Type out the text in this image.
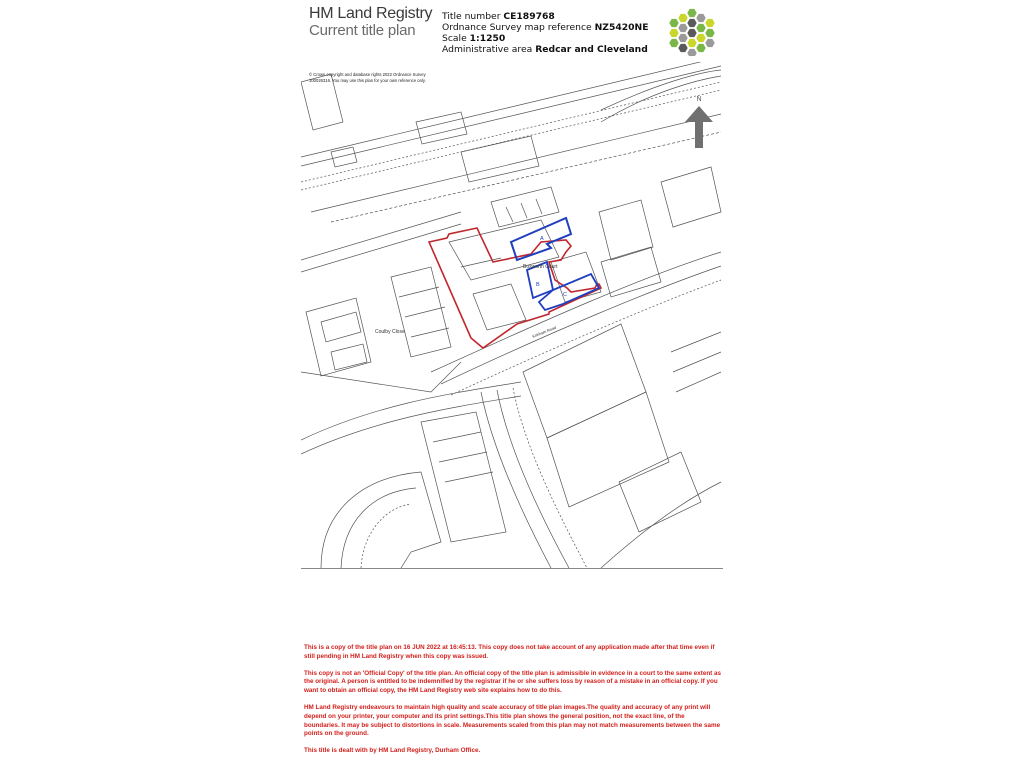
HM Land Registry
Current title plan
Title number CE189768
Ordnance Survey map reference NZ5420NE
Scale 1:1250
Administrative area Redcar and Cleveland
N
© Crown copyright and database rights 2022 Ordnance Survey
100026316. You may use this plan for your own reference only.
Bosworth Court
Coulby Close	Kirkham Road
A
B
C

This is a copy of the title plan on 16 JUN 2022 at 16:45:13. This copy does not take account of any application made after that time even if still pending in HM Land Registry when this copy was issued.

This copy is not an 'Official Copy' of the title plan. An official copy of the title plan is admissible in evidence in a court to the same extent as the original. A person is entitled to be indemnified by the registrar if he or she suffers loss by reason of a mistake in an official copy. If you want to obtain an official copy, the HM Land Registry web site explains how to do this.

HM Land Registry endeavours to maintain high quality and scale accuracy of title plan images.The quality and accuracy of any print will depend on your printer, your computer and its print settings.This title plan shows the general position, not the exact line, of the boundaries. It may be subject to distortions in scale. Measurements scaled from this plan may not match measurements between the same points on the ground.

This title is dealt with by HM Land Registry, Durham Office.
